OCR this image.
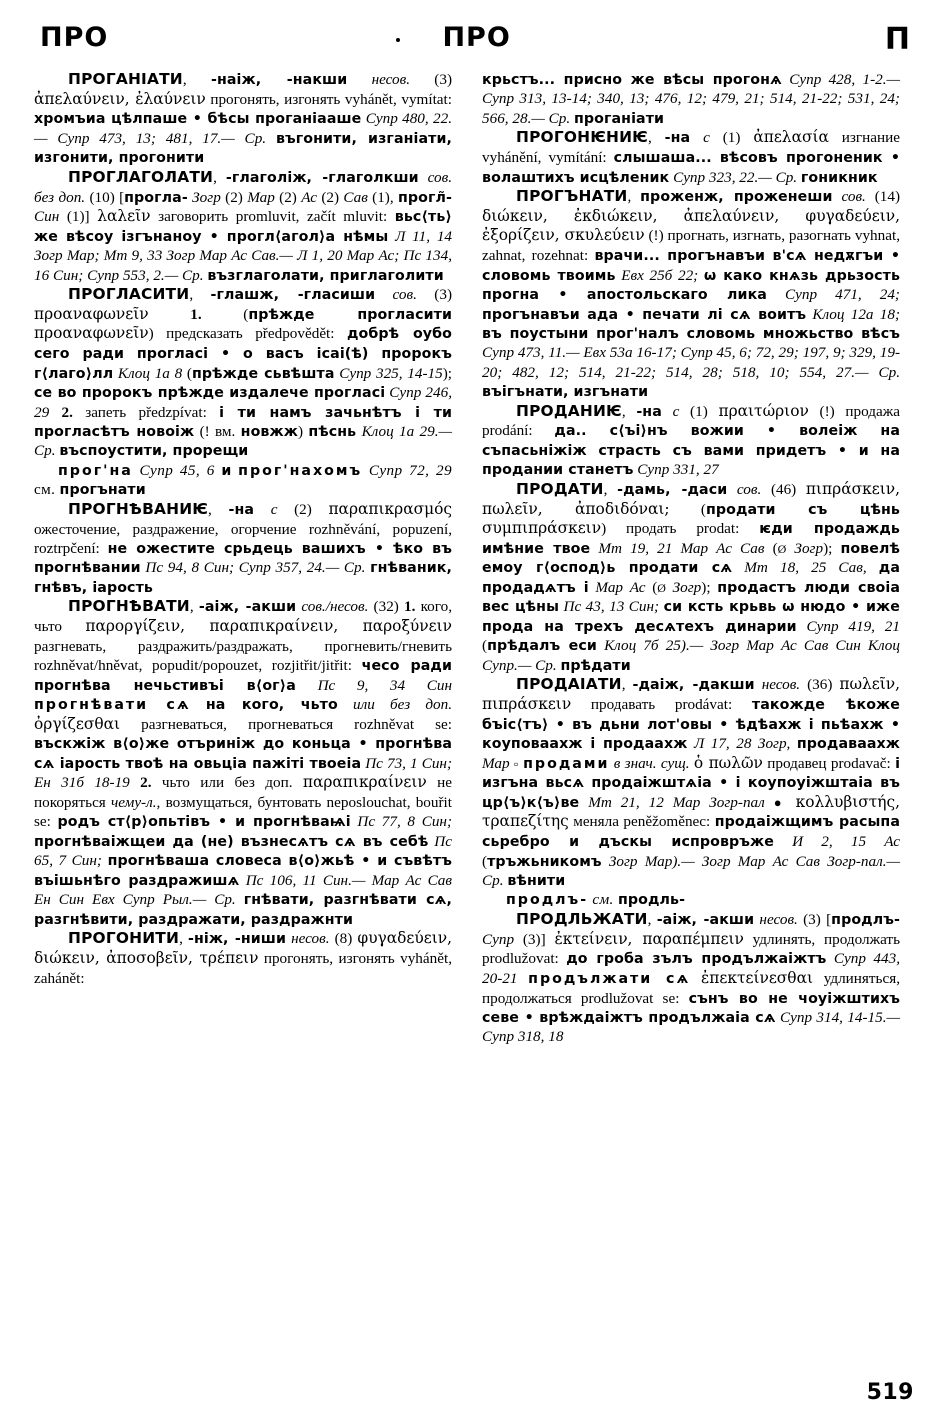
ПРО	ПРО	П

ПРОГАНІАТИ, -наіж, -накши несов. (3) ἀπελαύνειν, ἐλαύνειν прогонять, изгонять vyhánět, vymítat: хромъиа цѣлпаше • бѣсы проганіааше Супр 480, 22.— Супр 473, 13; 481, 17.— Ср. въгонити, изганіати, изгонити, прогонити

ПРОГЛАГОЛАТИ, -глаголіж, -глаголкши сов. без доп. (10) [прогла- Зогр (2) Мар (2) Ас (2) Сав (1), прогл̃- Син (1)] λαλεῖν заговорить promluvit, začít mluvit: вьс⟨ть⟩ же вѣсоу ізгънаноу • прогл⟨агол⟩а нѣмы Л 11, 14 Зогр Мар; Мт 9, 33 Зогр Мар Ас Сав.— Л 1, 20 Мар Ас; Пс 134, 16 Син; Супр 553, 2.— Ср. възглаголати, приглаголити

ПРОГЛАСИТИ, -глашж, -гласиши сов. (3) προαναφωνεῖν	1. (прѣжде прогласити προαναφωνεῖν) предсказать předpovědět: добрѣ оубо сего ради прогласі • о васъ ісаі(ѣ) пророкъ г⟨лаго⟩лл Клоц 1а 8 (прѣжде сьвѣшта Супр 325, 14-15); се во пророкъ прѣжде издалече прогласі Супр 246, 29 2. запеть předzpívat: і ти намъ зачьнѣтъ і ти прогласѣтъ новоіж (! вм. новжж) пѣснь Клоц 1а 29.— Ср. въспоустити, прорещи

прог'на Супр 45, 6 и прог'нахомъ Супр 72, 29 см. прогънати

ПРОГНѢВАНИѤ, -на с (2) παραπικρασμός ожесточение, раздражение, огорчение rozhněvání, popuzení, roztrpčení: не ожестите срьдець вашихъ • ѣко въ прогнѣвании Пс 94, 8 Син; Супр 357, 24.— Ср. гнѣваник, гнѣвъ, іарость

ПРОГНѢВАТИ, -аіж, -акши сов./несов. (32) 1. кого, чьто παροργίζειν, παραπικραίνειν, παροξύνειν разгневать, раздражить/раздражать, прогневить/гневить rozhněvat/hněvat, popudit/popouzet, rozjitřit/jitřit: чесо ради прогнѣва нечьстивъі в⟨ог⟩а Пс 9, 34 Син прогнѣвати сѧ на кого, чьто или без доп. ὀργίζεσθαι разгневаться, прогневаться rozhněvat se: въскжіж в⟨о⟩же отъриніж до коньца • прогнѣва сѧ іарость твоѣ на овьціа пажіті твоеіа Пс 73, 1 Син; Ен 31б 18-19 2. чьто или без доп. παραπικραίνειν не покоряться чему-л., возмущаться, бунтовать neposlouchat, bouřit se: родъ ст⟨р⟩опьтівъ • и прогнѣваѩі Пс 77, 8 Син; прогнѣваіжщеи да (не) възнесѧтъ сѧ въ себѣ Пс 65, 7 Син; прогнѣваша словеса в⟨о⟩жьѣ • и съвѣтъ въішьнѣго раздражишѧ Пс 106, 11 Син.— Мар Ас Сав Ен Син Евх Супр Рыл.— Ср. гнѣвати, разгнѣвати сѧ, разгнѣвити, раздражати, раздражнти

ПРОГОНИТИ, -ніж, -ниши несов. (8) φυγαδεύειν, διώκειν, ἀποσοβεῖν, τρέπειν прогонять, изгонять vyhánět, zahánět:

крьстъ... присно же вѣсы прогонѧ Супр 428, 1-2.— Супр 313, 13-14; 340, 13; 476, 12; 479, 21; 514, 21-22; 531, 24; 566, 28.— Ср. проганіати

ПРОГОНѤНИѤ, -на с (1) ἀπελασία изгнание vyhánění, vymítání: слышаша... вѣсовъ прогоненик • волаштихъ исцѣленик Супр 323, 22.— Ср. гоникник

ПРОГЪНАТИ, проженж, проженеши сов. (14) διώκειν, ἐκδιώκειν, ἀπελαύνειν, φυγαδεύειν, ἐξορίζειν, σκυλεύειν (!) прогнать, изгнать, разогнать vyhnat, zahnat, rozehnat: врачи... прогънавъи в'сѧ недѫгъи • словомь твоимь Евх 25б 22; ѡ како кнѧзь дрьзость прогна • апостольскаго лика Супр 471, 24; прогънавъи ада • печати лі сѧ воитъ Клоц 12а 18; въ поустыни прог'налъ словомь множьство вѣсъ Супр 473, 11.— Евх 53а 16-17; Супр 45, 6; 72, 29; 197, 9; 329, 19-20; 482, 12; 514, 21-22; 514, 28; 518, 10; 554, 27.— Ср. въігънати, изгънати

ПРОДАНИѤ, -на с (1) πραιτώριον (!) продажа prodání: да.. с⟨ъі⟩нъ вожии • волеіж на съпасьніжіж страсть съ вами придетъ • и на продании станетъ Супр 331, 27

ПРОДАТИ, -дамь, -даси сов. (46) πιπράσκειν, πωλεῖν, ἀποδιδόναι; (продати съ цѣнь συμπιπράσκειν) продать prodat: ѥди продаждь имѣние твое Мт 19, 21 Мар Ас Сав (Ø Зогр); повелѣ емоу г⟨оспод⟩ь продати сѧ Мт 18, 25 Сав, да продадѧтъ і Мар Ас (Ø Зогр); продастъ люди своіа вес цѣны Пс 43, 13 Син; си ксть крьвь ѡ нюдо • иже прода на трехъ десѧтехъ динарии Супр 419, 21 (прѣдалъ еси Клоц 7б 25).— Зогр Мар Ас Сав Син Клоц Супр.— Ср. прѣдати

ПРОДАІАТИ, -даіж, -дакши несов. (36) πωλεῖν, πιπράσκειν продавать prodávat: такожде ѣкоже бъіс⟨тъ⟩ • въ дьни лот'овы • ѣдѣахж і пьѣахж • коуповаахж і продаахж Л 17, 28 Зогр, продаваахж Мар ▫ продами в знач. сущ. ὁ πωλῶν продавец prodavač: і изгъна вьсѧ продаіжштѧіа • і коупоуіжштаіа въ цр⟨ъ⟩к⟨ъ⟩ве Мт 21, 12 Мар Зогр-пал ● κολλυβιστής, τραπεζίτης меняла peněžoměnec: продаіжщимъ расыпа сьребро и дъскы испровръже И 2, 15 Ас (тръжьникомъ Зогр Мар).— Зогр Мар Ас Сав Зогр-пал.— Ср. вѣнити

продлъ- см. продль-

ПРОДЛЬЖАТИ, -аіж, -акши несов. (3) [продлъ- Супр (3)] ἐκτείνειν, παραπέμπειν удлинять, продолжать prodlužovat: до гроба зълъ продължаіжтъ Супр 443, 20-21 продължати сѧ ἐπεκτείνεσθαι удлиняться, продолжаться prodlužovat se: сънъ во не чоуіжштихъ севе • врѣждаіжтъ продължаіа сѧ Супр 314, 14-15.— Супр 318, 18

519
